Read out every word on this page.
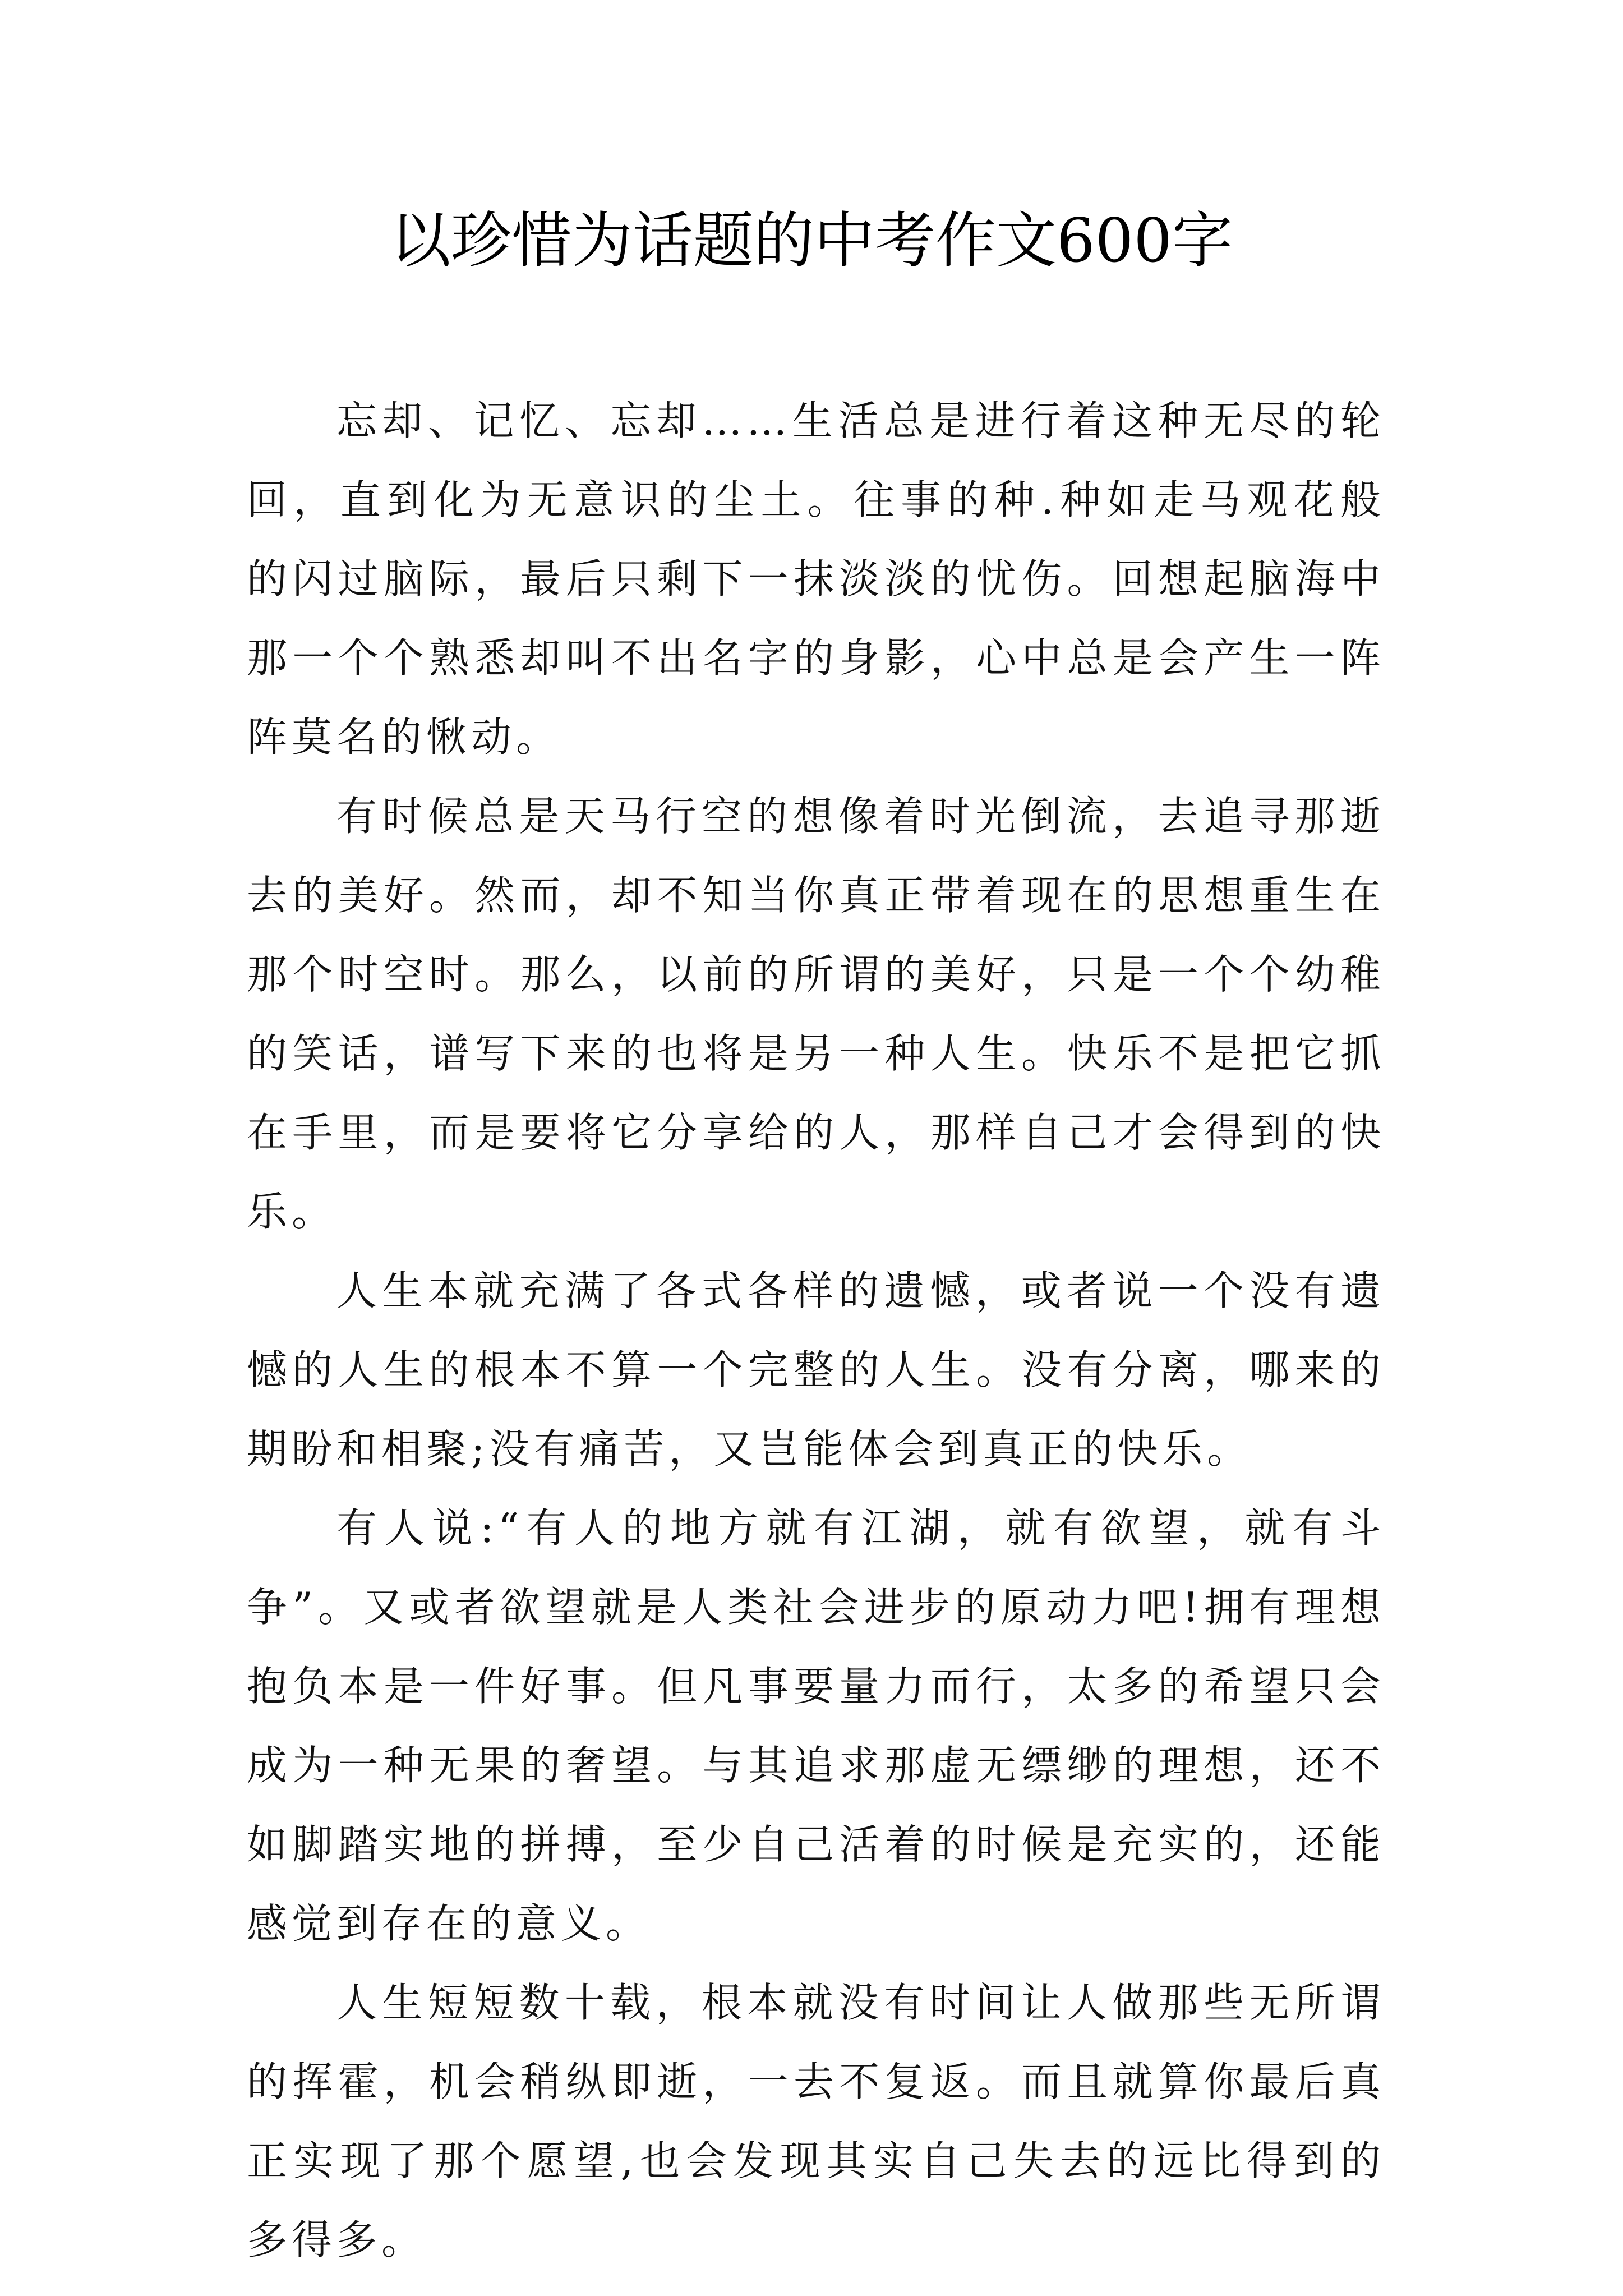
以珍惜为话题的中考作文600字

忘却、记忆、忘却……生活总是进行着这种无尽的轮回，直到化为无意识的尘土。往事的种.种如走马观花般的闪过脑际，最后只剩下一抹淡淡的忧伤。回想起脑海中那一个个熟悉却叫不出名字的身影，心中总是会产生一阵阵莫名的愀动。

有时候总是天马行空的想像着时光倒流，去追寻那逝去的美好。然而，却不知当你真正带着现在的思想重生在那个时空时。那么，以前的所谓的美好，只是一个个幼稚的笑话，谱写下来的也将是另一种人生。快乐不是把它抓在手里，而是要将它分享给的人，那样自己才会得到的快乐。

人生本就充满了各式各样的遗憾，或者说一个没有遗憾的人生的根本不算一个完整的人生。没有分离，哪来的期盼和相聚;没有痛苦，又岂能体会到真正的快乐。

有人说:“有人的地方就有江湖，就有欲望，就有斗争”。又或者欲望就是人类社会进步的原动力吧!拥有理想抱负本是一件好事。但凡事要量力而行，太多的希望只会成为一种无果的奢望。与其追求那虚无缥缈的理想，还不如脚踏实地的拼搏，至少自己活着的时候是充实的，还能感觉到存在的意义。

人生短短数十载，根本就没有时间让人做那些无所谓的挥霍，机会稍纵即逝，一去不复返。而且就算你最后真正实现了那个愿望,也会发现其实自己失去的远比得到的多得多。
